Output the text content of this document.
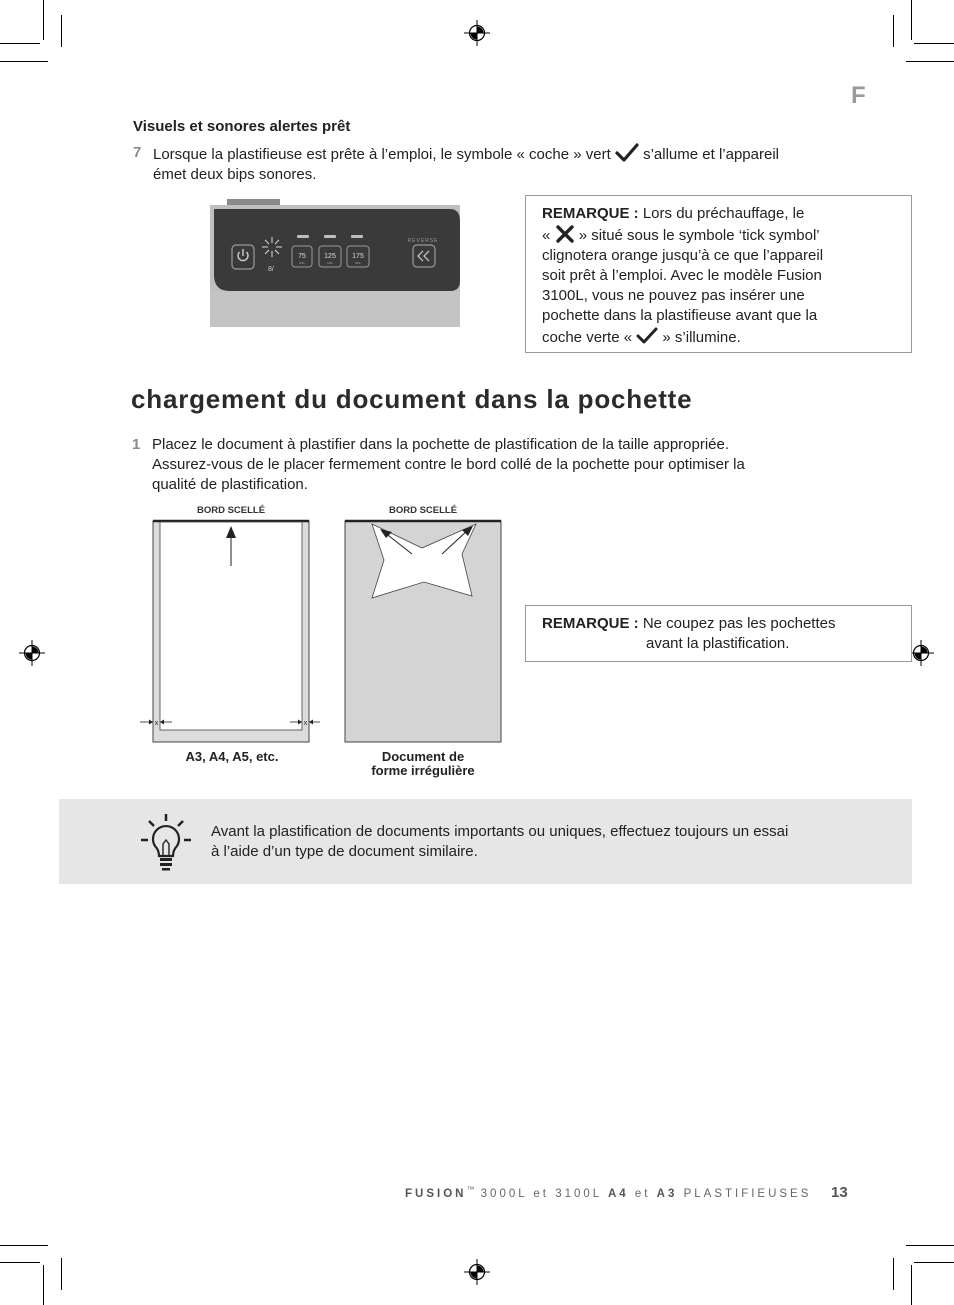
F
Visuels et sonores alertes prêt
7 Lorsque la plastifieuse est prête à l’emploi, le symbole « coche » vert s’allume et l’appareil
émet deux bips sonores.
8/
75
MIC
125
MIC
175
MIC
REVERSE
REMARQUE : Lors du préchauffage, le
« » situé sous le symbole ‘tick symbol’
clignotera orange jusqu’à ce que l’appareil
soit prêt à l’emploi. Avec le modèle Fusion
3100L, vous ne pouvez pas insérer une
pochette dans la plastifieuse avant que la
coche verte « » s’illumine.
chargement du document dans la pochette
1 Placez le document à plastifier dans la pochette de plastification de la taille appropriée.
Assurez-vous de le placer fermement contre le bord collé de la pochette pour optimiser la
qualité de plastification.
BORD SCELLÉ	BORD SCELLÉ
x	x
A3, A4, A5, etc.	Document de
forme irrégulière
REMARQUE : Ne coupez pas les pochettes
avant la plastification.
Avant la plastification de documents importants ou uniques, effectuez toujours un essai
à l’aide d’un type de document similaire.
FUSION™ 3000L et 3100L A4 et A3 PLASTIFIEUSES 13
